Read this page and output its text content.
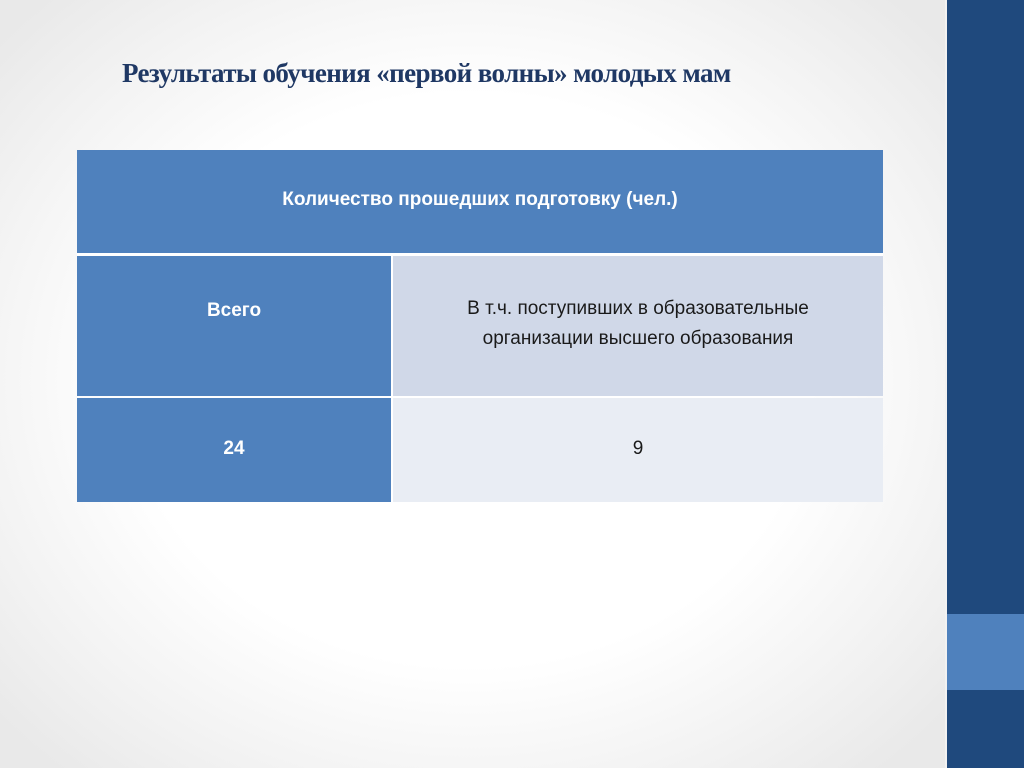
Результаты обучения «первой волны» молодых мам
Количество прошедших подготовку (чел.)
Всего	В т.ч. поступивших в образовательные организации высшего образования
24	9
